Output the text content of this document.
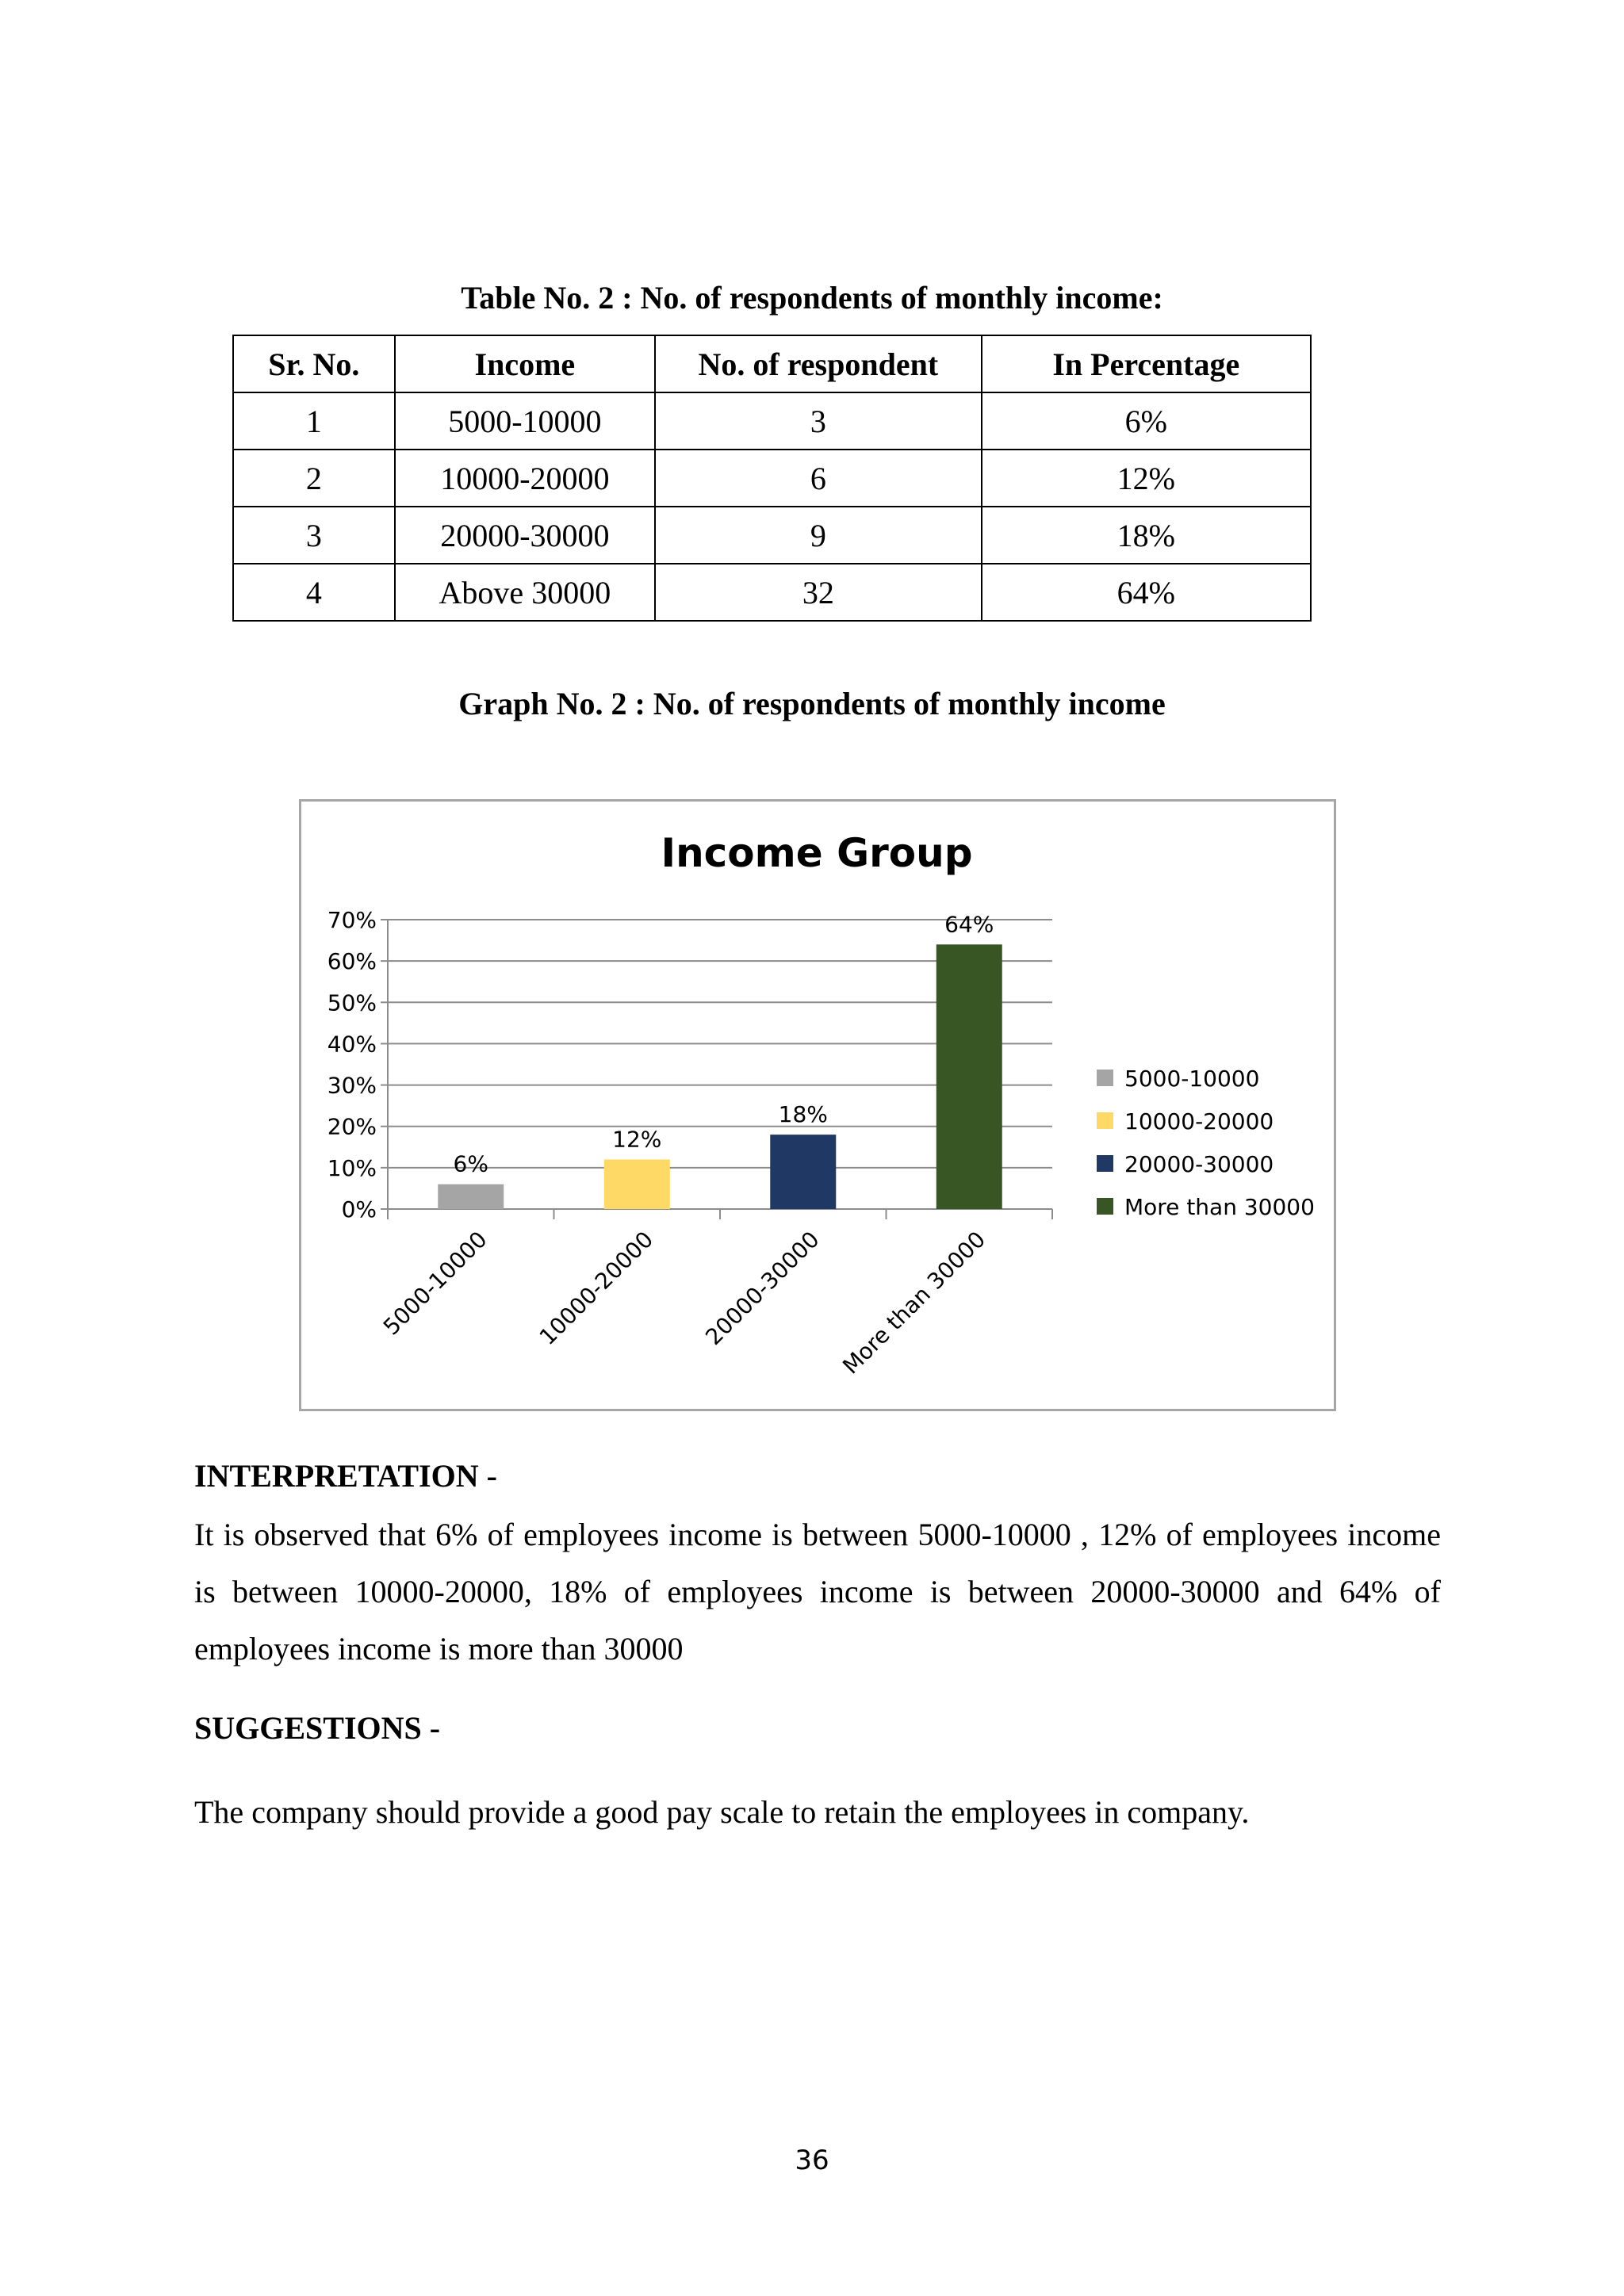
Table No. 2 : No. of respondents of monthly income:
Sr. No.	Income	No. of respondent	In Percentage
1	5000-10000	3	6%
2	10000-20000	6	12%
3	20000-30000	9	18%
4	Above 30000	32	64%
Graph No. 2 : No. of respondents of monthly income
Income Group
0%
10%
20%
30%
40%
50%
60%
70%
5000-10000 10000-20000 20000-30000 More than 30000
6%
12%
18%
64%
5000-10000
10000-20000
20000-30000
More than 30000
INTERPRETATION -
It is observed that 6% of employees income is between 5000-10000 , 12% of employees income is between 10000-20000, 18% of employees income is between 20000-30000 and 64% of employees income is more than 30000
SUGGESTIONS -
The company should provide a good pay scale to retain the employees in company.
36
